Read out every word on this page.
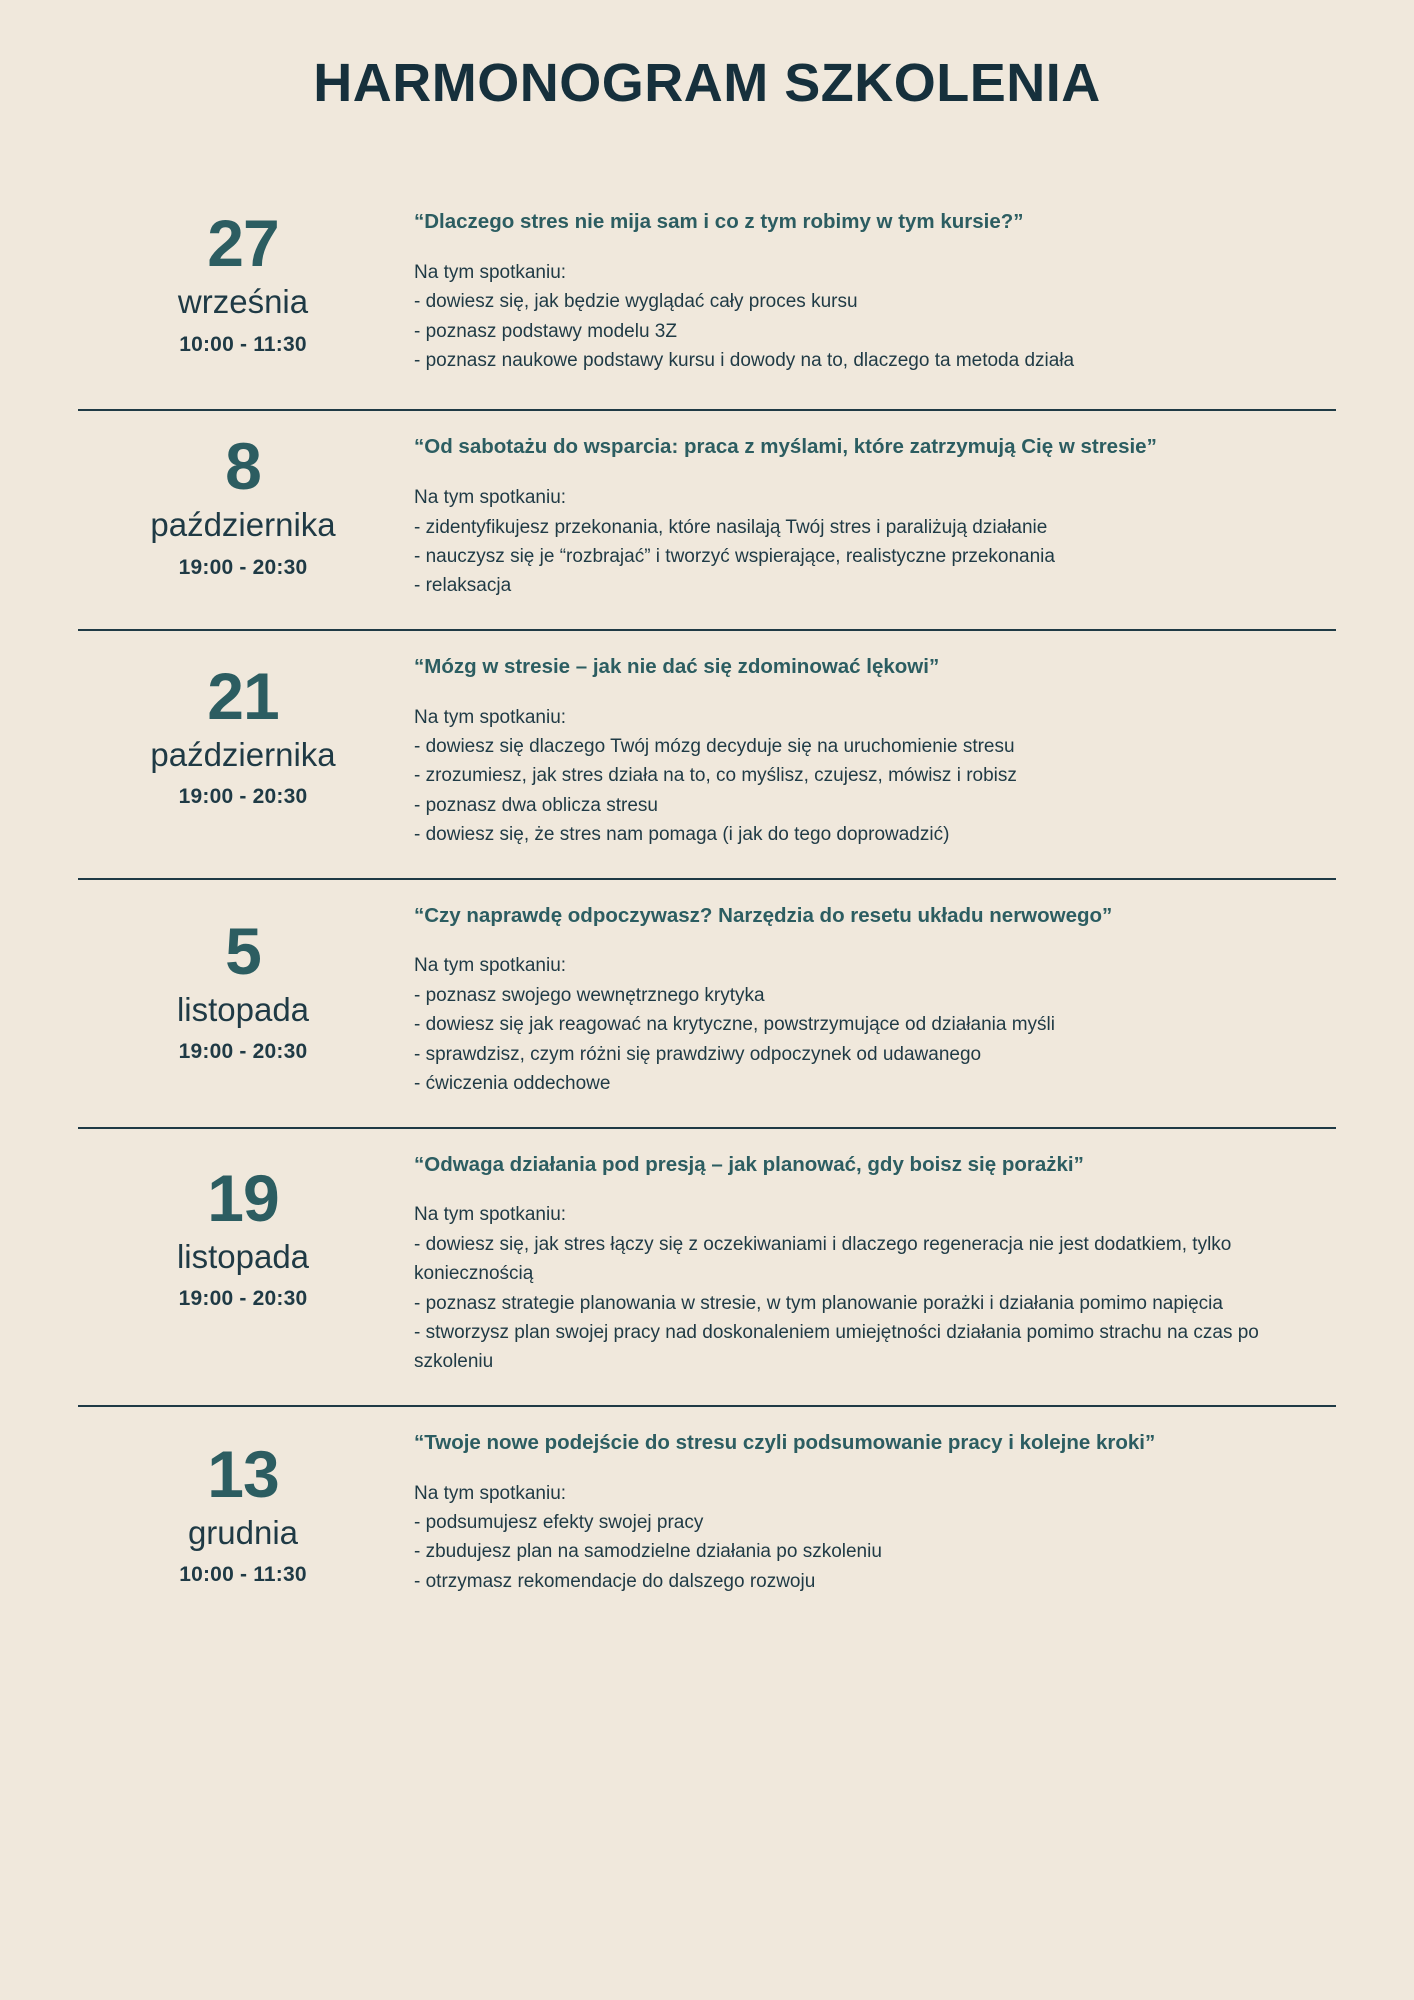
HARMONOGRAM SZKOLENIA
27
września
10:00 - 11:30
“Dlaczego stres nie mija sam i co z tym robimy w tym kursie?”
Na tym spotkaniu:
- dowiesz się, jak będzie wyglądać cały proces kursu
- poznasz podstawy modelu 3Z
- poznasz naukowe podstawy kursu i dowody na to, dlaczego ta metoda działa
8
października
19:00 - 20:30
“Od sabotażu do wsparcia: praca z myślami, które zatrzymują Cię w stresie”
Na tym spotkaniu:
- zidentyfikujesz przekonania, które nasilają Twój stres i paraliżują działanie
- nauczysz się je “rozbrajać” i tworzyć wspierające, realistyczne przekonania
- relaksacja
21
października
19:00 - 20:30
“Mózg w stresie – jak nie dać się zdominować lękowi”
Na tym spotkaniu:
- dowiesz się dlaczego Twój mózg decyduje się na uruchomienie stresu
- zrozumiesz, jak stres działa na to, co myślisz, czujesz, mówisz i robisz
- poznasz dwa oblicza stresu
- dowiesz się, że stres nam pomaga (i jak do tego doprowadzić)
5
listopada
19:00 - 20:30
“Czy naprawdę odpoczywasz? Narzędzia do resetu układu nerwowego”
Na tym spotkaniu:
- poznasz swojego wewnętrznego krytyka
- dowiesz się jak reagować na krytyczne, powstrzymujące od działania myśli
- sprawdzisz, czym różni się prawdziwy odpoczynek od udawanego
- ćwiczenia oddechowe
19
listopada
19:00 - 20:30
“Odwaga działania pod presją – jak planować, gdy boisz się porażki”
Na tym spotkaniu:
- dowiesz się, jak stres łączy się z oczekiwaniami i dlaczego regeneracja nie jest dodatkiem, tylko koniecznością
- poznasz strategie planowania w stresie, w tym planowanie porażki i działania pomimo napięcia
- stworzysz plan swojej pracy nad doskonaleniem umiejętności działania pomimo strachu na czas po szkoleniu
13
grudnia
10:00 - 11:30
“Twoje nowe podejście do stresu czyli podsumowanie pracy i kolejne kroki”
Na tym spotkaniu:
- podsumujesz efekty swojej pracy
- zbudujesz plan na samodzielne działania po szkoleniu
- otrzymasz rekomendacje do dalszego rozwoju
